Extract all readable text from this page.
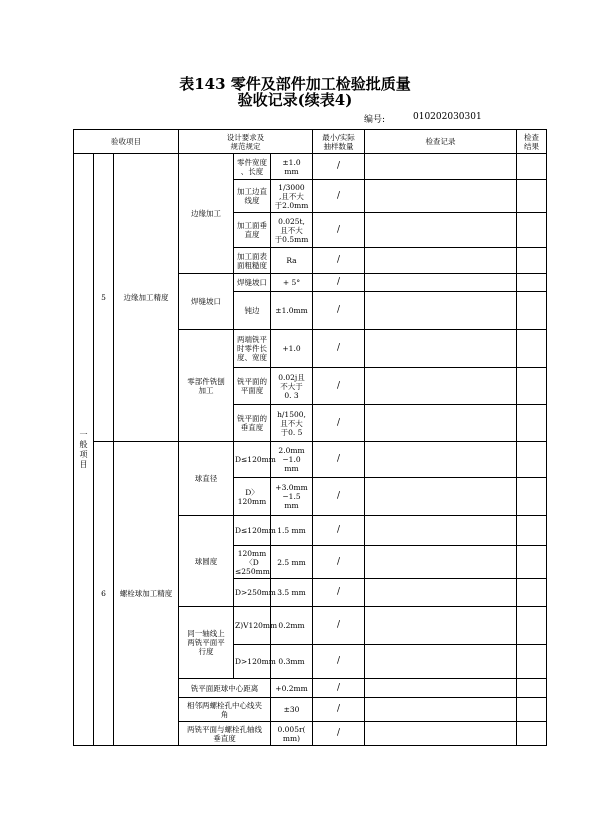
表143 零件及部件加工检验批质量
验收记录(续表4)
编号:	010202030301
验收项目			设计要求及
规范规定			最小/实际
抽样数量	检查记录	检查
结果
一般项目	5	边缘加工精度	边缘加工	零件宽度
、长度	±1.0
mm	/		
				加工边直
线度	1/3000
,且不大
于2.0mm	/		
				加工面垂
直度	0.025t,
且不大
于0.5mm	/		
				加工面表
面粗糙度	Ra	/		
			焊缝坡口	焊缝坡口	+ 5°	/		
				钝边	±1.0mm	/		
			零部件铣刨
加工	两端铣平
时零件长
度、宽度	+1.0	/		
				铣平面的
平面度	0.02j且
不大于
0. 3	/		
				铣平面的
垂直度	h/1500,
且不大
于0. 5	/		
	6	螺栓球加工精度	球直径	D≤120mm	2.0mm
−1.0
mm	/		
				D〉120mm	+3.0mm
−1.5
mm	/		
			球圆度	D≤120mm	1.5 mm	/		
				120mm〈D
≤250mm	2.5 mm	/		
				D>250mm	3.5 mm	/		
			同一轴线上
两铣平面平
行度	Z)V120mm	0.2mm	/		
				D>120mm	0.3mm	/		
			铣平面距球中心距离		+0.2mm	/		
			相邻两螺栓孔中心线夹
角		±30	/		
			两铣平面与螺栓孔轴线
垂直度		0.005r(
mm)	/		
